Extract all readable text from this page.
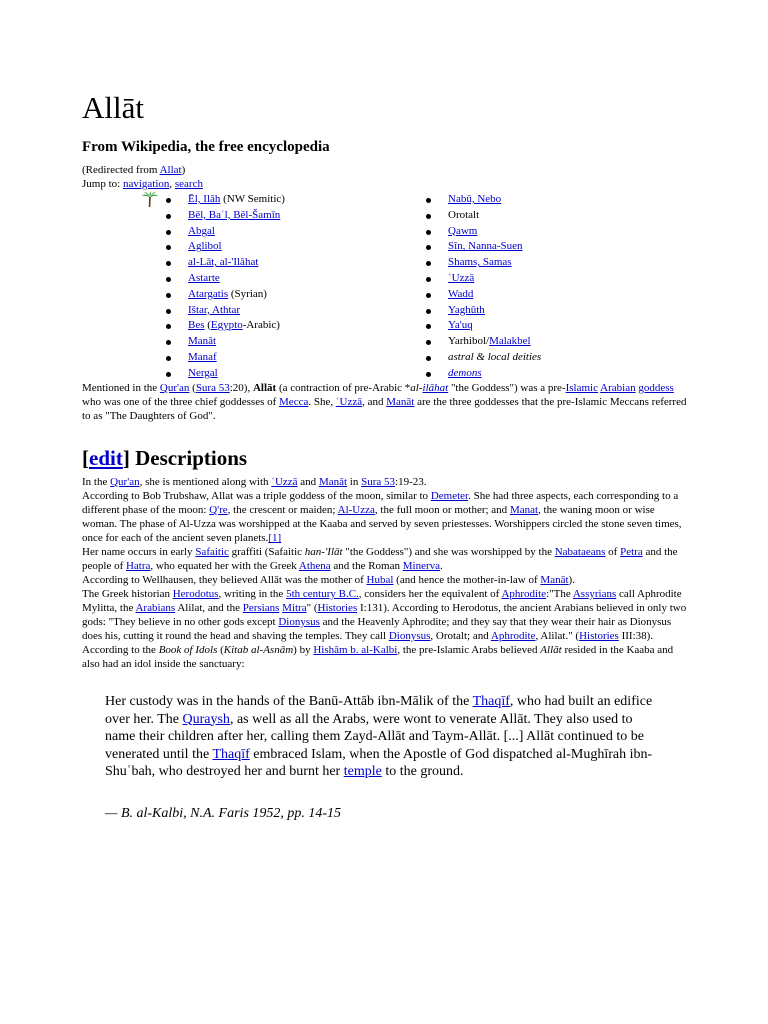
Allāt
From Wikipedia, the free encyclopedia
(Redirected from Allat)
Jump to: navigation, search
Ēl, Ilāh (NW Semitic)
Bēl, Baʿl, Bēl-Šamīn
Abgal
Aglibol
al-Lāt, al-'Ilāhat
Astarte
Atargatis (Syrian)
Ištar, Athtar
Bes (Egypto-Arabic)
Manāt
Manaf
Nergal
Nabū, Nebo
Orotalt
Qawm
Sīn, Nanna-Suen
Shams, Samas
ʿUzzā
Wadd
Yaghūth
Ya'uq
Yarhibol/Malakbel
astral & local deities
demons

Mentioned in the Qur'an (Sura 53:20), Allāt (a contraction of pre-Arabic *al-ilāhat "the Goddess") was a pre-Islamic Arabian goddess who was one of the three chief goddesses of Mecca. She, ʿUzzā, and Manāt are the three goddesses that the pre-Islamic Meccans referred to as "The Daughters of God".

[edit] Descriptions
In the Qur'an, she is mentioned along with ʿUzzā and Manāt in Sura 53:19-23.
According to Bob Trubshaw, Allat was a triple goddess of the moon, similar to Demeter. She had three aspects, each corresponding to a different phase of the moon: Q're, the crescent or maiden; Al-Uzza, the full moon or mother; and Manat, the waning moon or wise woman. The phase of Al-Uzza was worshipped at the Kaaba and served by seven priestesses. Worshippers circled the stone seven times, once for each of the ancient seven planets.[1]
Her name occurs in early Safaitic graffiti (Safaitic han-'Ilāt "the Goddess") and she was worshipped by the Nabataeans of Petra and the people of Hatra, who equated her with the Greek Athena and the Roman Minerva.
According to Wellhausen, they believed Allāt was the mother of Hubal (and hence the mother-in-law of Manāt).
The Greek historian Herodotus, writing in the 5th century B.C., considers her the equivalent of Aphrodite:"The Assyrians call Aphrodite Mylitta, the Arabians Alilat, and the Persians Mitra" (Histories I:131). According to Herodotus, the ancient Arabians believed in only two gods: "They believe in no other gods except Dionysus and the Heavenly Aphrodite; and they say that they wear their hair as Dionysus does his, cutting it round the head and shaving the temples. They call Dionysus, Orotalt; and Aphrodite, Alilat." (Histories III:38).
According to the Book of Idols (Kitab al-Asnām) by Hishām b. al-Kalbi, the pre-Islamic Arabs believed Allāt resided in the Kaaba and also had an idol inside the sanctuary:

Her custody was in the hands of the Banū-Attāb ibn-Mālik of the Thaqīf, who had built an edifice over her. The Quraysh, as well as all the Arabs, were wont to venerate Allāt. They also used to name their children after her, calling them Zayd-Allāt and Taym-Allāt. [...] Allāt continued to be venerated until the Thaqīf embraced Islam, when the Apostle of God dispatched al-Mughīrah ibn-Shuʿbah, who destroyed her and burnt her temple to the ground.

— B. al-Kalbi, N.A. Faris 1952, pp. 14-15
